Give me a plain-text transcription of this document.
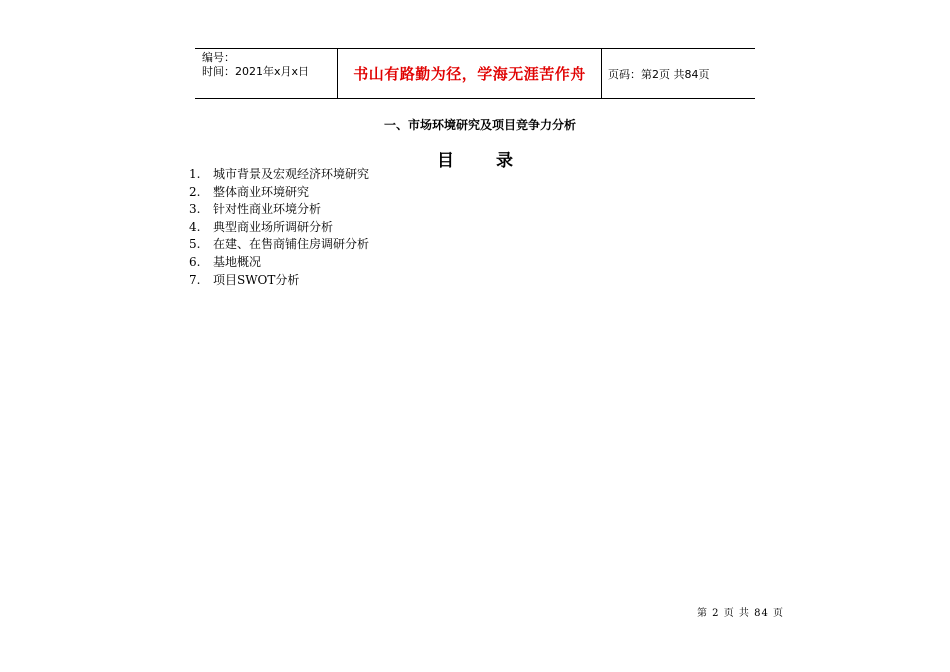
编号：
时间：2021年x月x日	书山有路勤为径，学海无涯苦作舟 页码：第2页 共84页
一、市场环境研究及项目竞争力分析
目录
1.	城市背景及宏观经济环境研究
2.	整体商业环境研究
3.	针对性商业环境分析
4.	典型商业场所调研分析
5.	在建、在售商铺住房调研分析
6.	基地概况
7.	项目SWOT分析
第 2 页 共 84 页
